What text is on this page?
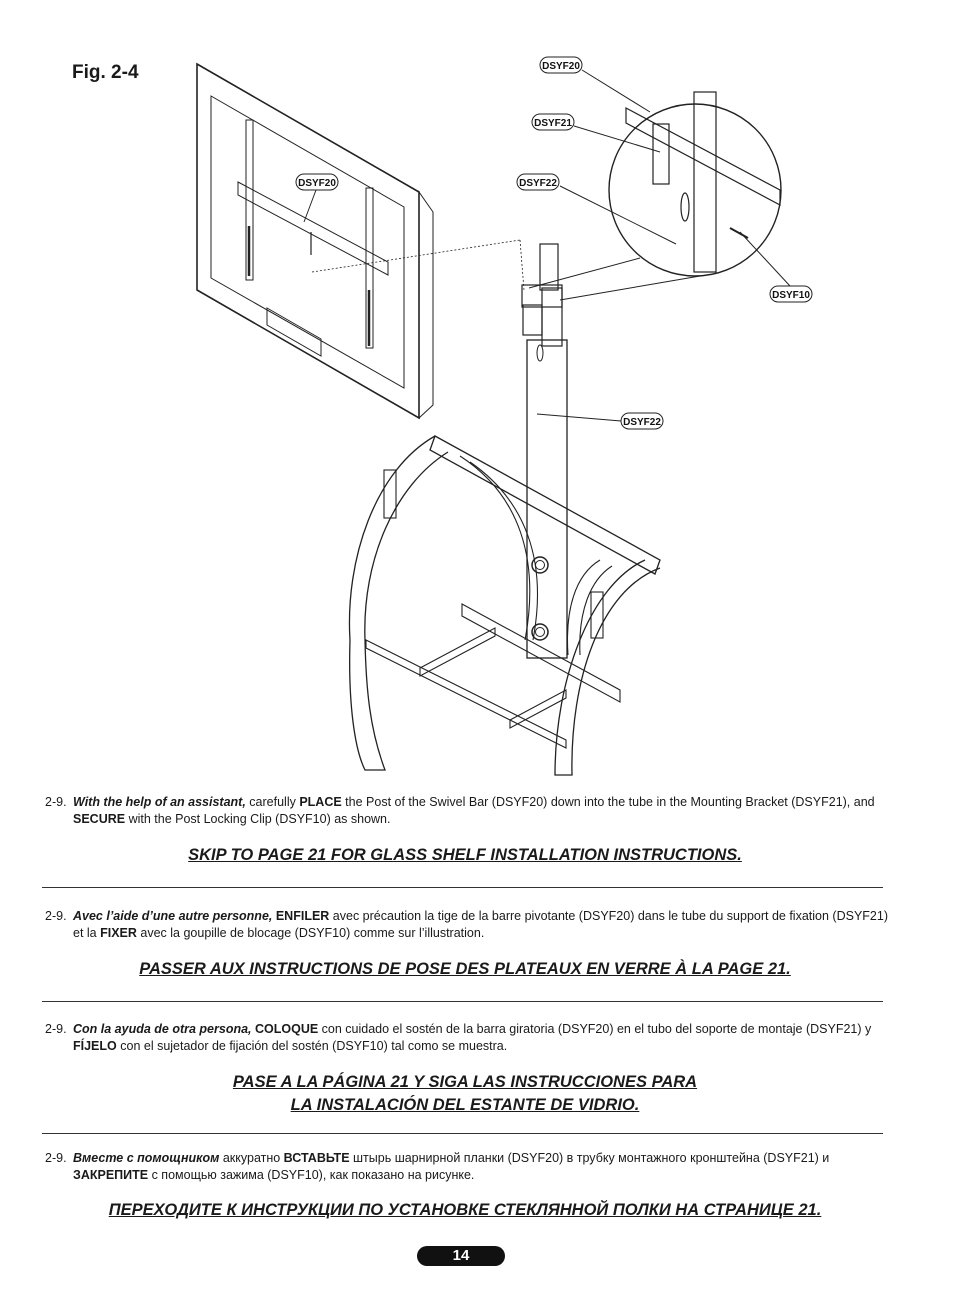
Fig. 2-4	DSYF20
DSYF21
DSYF22
DSYF10
DSYF20
DSYF22
2-9. With the help of an assistant, carefully PLACE the Post of the Swivel Bar (DSYF20) down into the tube in the Mounting Bracket (DSYF21), and SECURE with the Post Locking Clip (DSYF10) as shown.
SKIP TO PAGE 21 FOR GLASS SHELF INSTALLATION INSTRUCTIONS.
2-9. Avec l’aide d’une autre personne, ENFILER avec précaution la tige de la barre pivotante (DSYF20) dans le tube du support de fixation (DSYF21) et la FIXER avec la goupille de blocage (DSYF10) comme sur l’illustration.
PASSER AUX INSTRUCTIONS DE POSE DES PLATEAUX EN VERRE À LA PAGE 21.
2-9. Con la ayuda de otra persona, COLOQUE con cuidado el sostén de la barra giratoria (DSYF20) en el tubo del soporte de montaje (DSYF21) y FÍJELO con el sujetador de fijación del sostén (DSYF10) tal como se muestra.
PASE A LA PÁGINA 21 Y SIGA LAS INSTRUCCIONES PARA
LA INSTALACIÓN DEL ESTANTE DE VIDRIO.
2-9. Вместе с помощником аккуратно ВСТАВЬТЕ штырь шарнирной планки (DSYF20) в трубку монтажного кронштейна (DSYF21) и ЗАКРЕПИТЕ с помощью зажима (DSYF10), как показано на рисунке.
ПЕРЕХОДИТЕ К ИНСТРУКЦИИ ПО УСТАНОВКЕ СТЕКЛЯННОЙ ПОЛКИ НА СТРАНИЦЕ 21.
14
